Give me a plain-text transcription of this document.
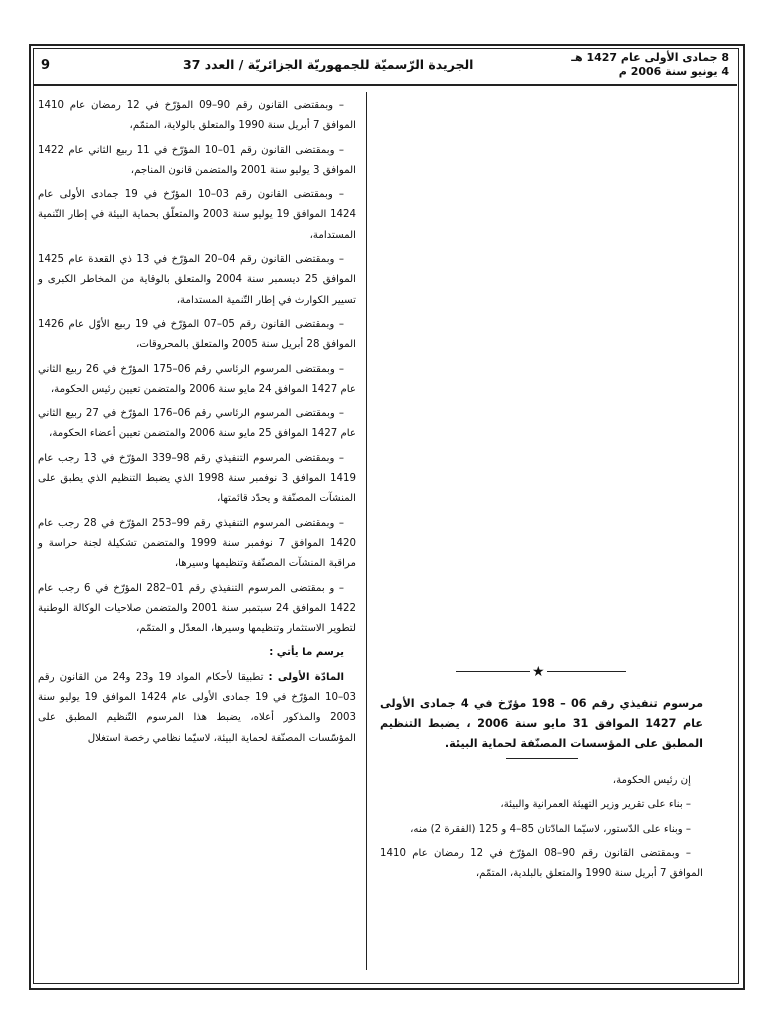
9	الجريدة الرّسميّة للجمهوريّة الجزائريّة / العدد 37	8 جمادى الأولى عام 1427 هـ
4 يونيو سنة 2006 م

– وبمقتضى القانون رقم 90–09 المؤرّخ في 12 رمضان عام 1410 الموافق 7 أبريل سنة 1990 والمتعلق بالولاية، المتمّم،

– وبمقتضى القانون رقم 01–10 المؤرّخ في 11 ربيع الثاني عام 1422 الموافق 3 يوليو سنة 2001 والمتضمن قانون المناجم،

– وبمقتضى القانون رقم 03–10 المؤرّخ في 19 جمادى الأولى عام 1424 الموافق 19 يوليو سنة 2003 والمتعلّق بحماية البيئة في إطار التّنمية المستدامة،

– وبمقتضى القانون رقم 04–20 المؤرّخ في 13 ذي القعدة عام 1425 الموافق 25 ديسمبر سنة 2004 والمتعلق بالوقاية من المخاطر الكبرى و تسيير الكوارث في إطار التّنمية المستدامة،

– وبمقتضى القانون رقم 05–07 المؤرّخ في 19 ربيع الأوّل عام 1426 الموافق 28 أبريل سنة 2005 والمتعلق بالمحروقات،

– وبمقتضى المرسوم الرئاسي رقم 06–175 المؤرّخ في 26 ربيع الثاني عام 1427 الموافق 24 مايو سنة 2006 والمتضمن تعيين رئيس الحكومة،

– وبمقتضى المرسوم الرئاسي رقم 06–176 المؤرّخ في 27 ربيع الثاني عام 1427 الموافق 25 مايو سنة 2006 والمتضمن تعيين أعضاء الحكومة،

– وبمقتضى المرسوم التنفيذي رقم 98–339 المؤرّخ في 13 رجب عام 1419 الموافق 3 نوفمبر سنة 1998 الذي يضبط التنظيم الذي يطبق على المنشآت المصنّفة و يحدّد قائمتها،

– وبمقتضى المرسوم التنفيذي رقم 99–253 المؤرّخ في 28 رجب عام 1420 الموافق 7 نوفمبر سنة 1999 والمتضمن تشكيلة لجنة حراسة و مراقبة المنشآت المصنّفة وتنظيمها وسيرها،

– و بمقتضى المرسوم التنفيذي رقم 01–282 المؤرّخ في 6 رجب عام 1422 الموافق 24 سبتمبر سنة 2001 والمتضمن صلاحيات الوكالة الوطنية لتطوير الاستثمار وتنظيمها وسيرها، المعدّل و المتمّم،

يرسم ما يأتي :

المادّة الأولى : تطبيقا لأحكام المواد 19 و23 و24 من القانون رقم 03–10 المؤرّخ في 19 جمادى الأولى عام 1424 الموافق 19 يوليو سنة 2003 والمذكور أعلاه، يضبط هذا المرسوم التّنظيم المطبق على المؤسّسات المصنّفة لحماية البيئة، لاسيّما نظامي رخصة استغلال

★
مرسوم تنفيذي رقم 06 – 198 مؤرّخ في 4 جمادى الأولى عام 1427 الموافق 31 مايو سنة 2006 ، يضبط التنظيم المطبق على المؤسسات المصنّفة لحماية البيئة.

إن رئيس الحكومة،

– بناء على تقرير وزير التهيئة العمرانية والبيئة،

– وبناء على الدّستور، لاسيّما المادّتان 85–4 و 125 (الفقرة 2) منه،

– وبمقتضى القانون رقم 90–08 المؤرّخ في 12 رمضان عام 1410 الموافق 7 أبريل سنة 1990 والمتعلق بالبلدية، المتمّم،
